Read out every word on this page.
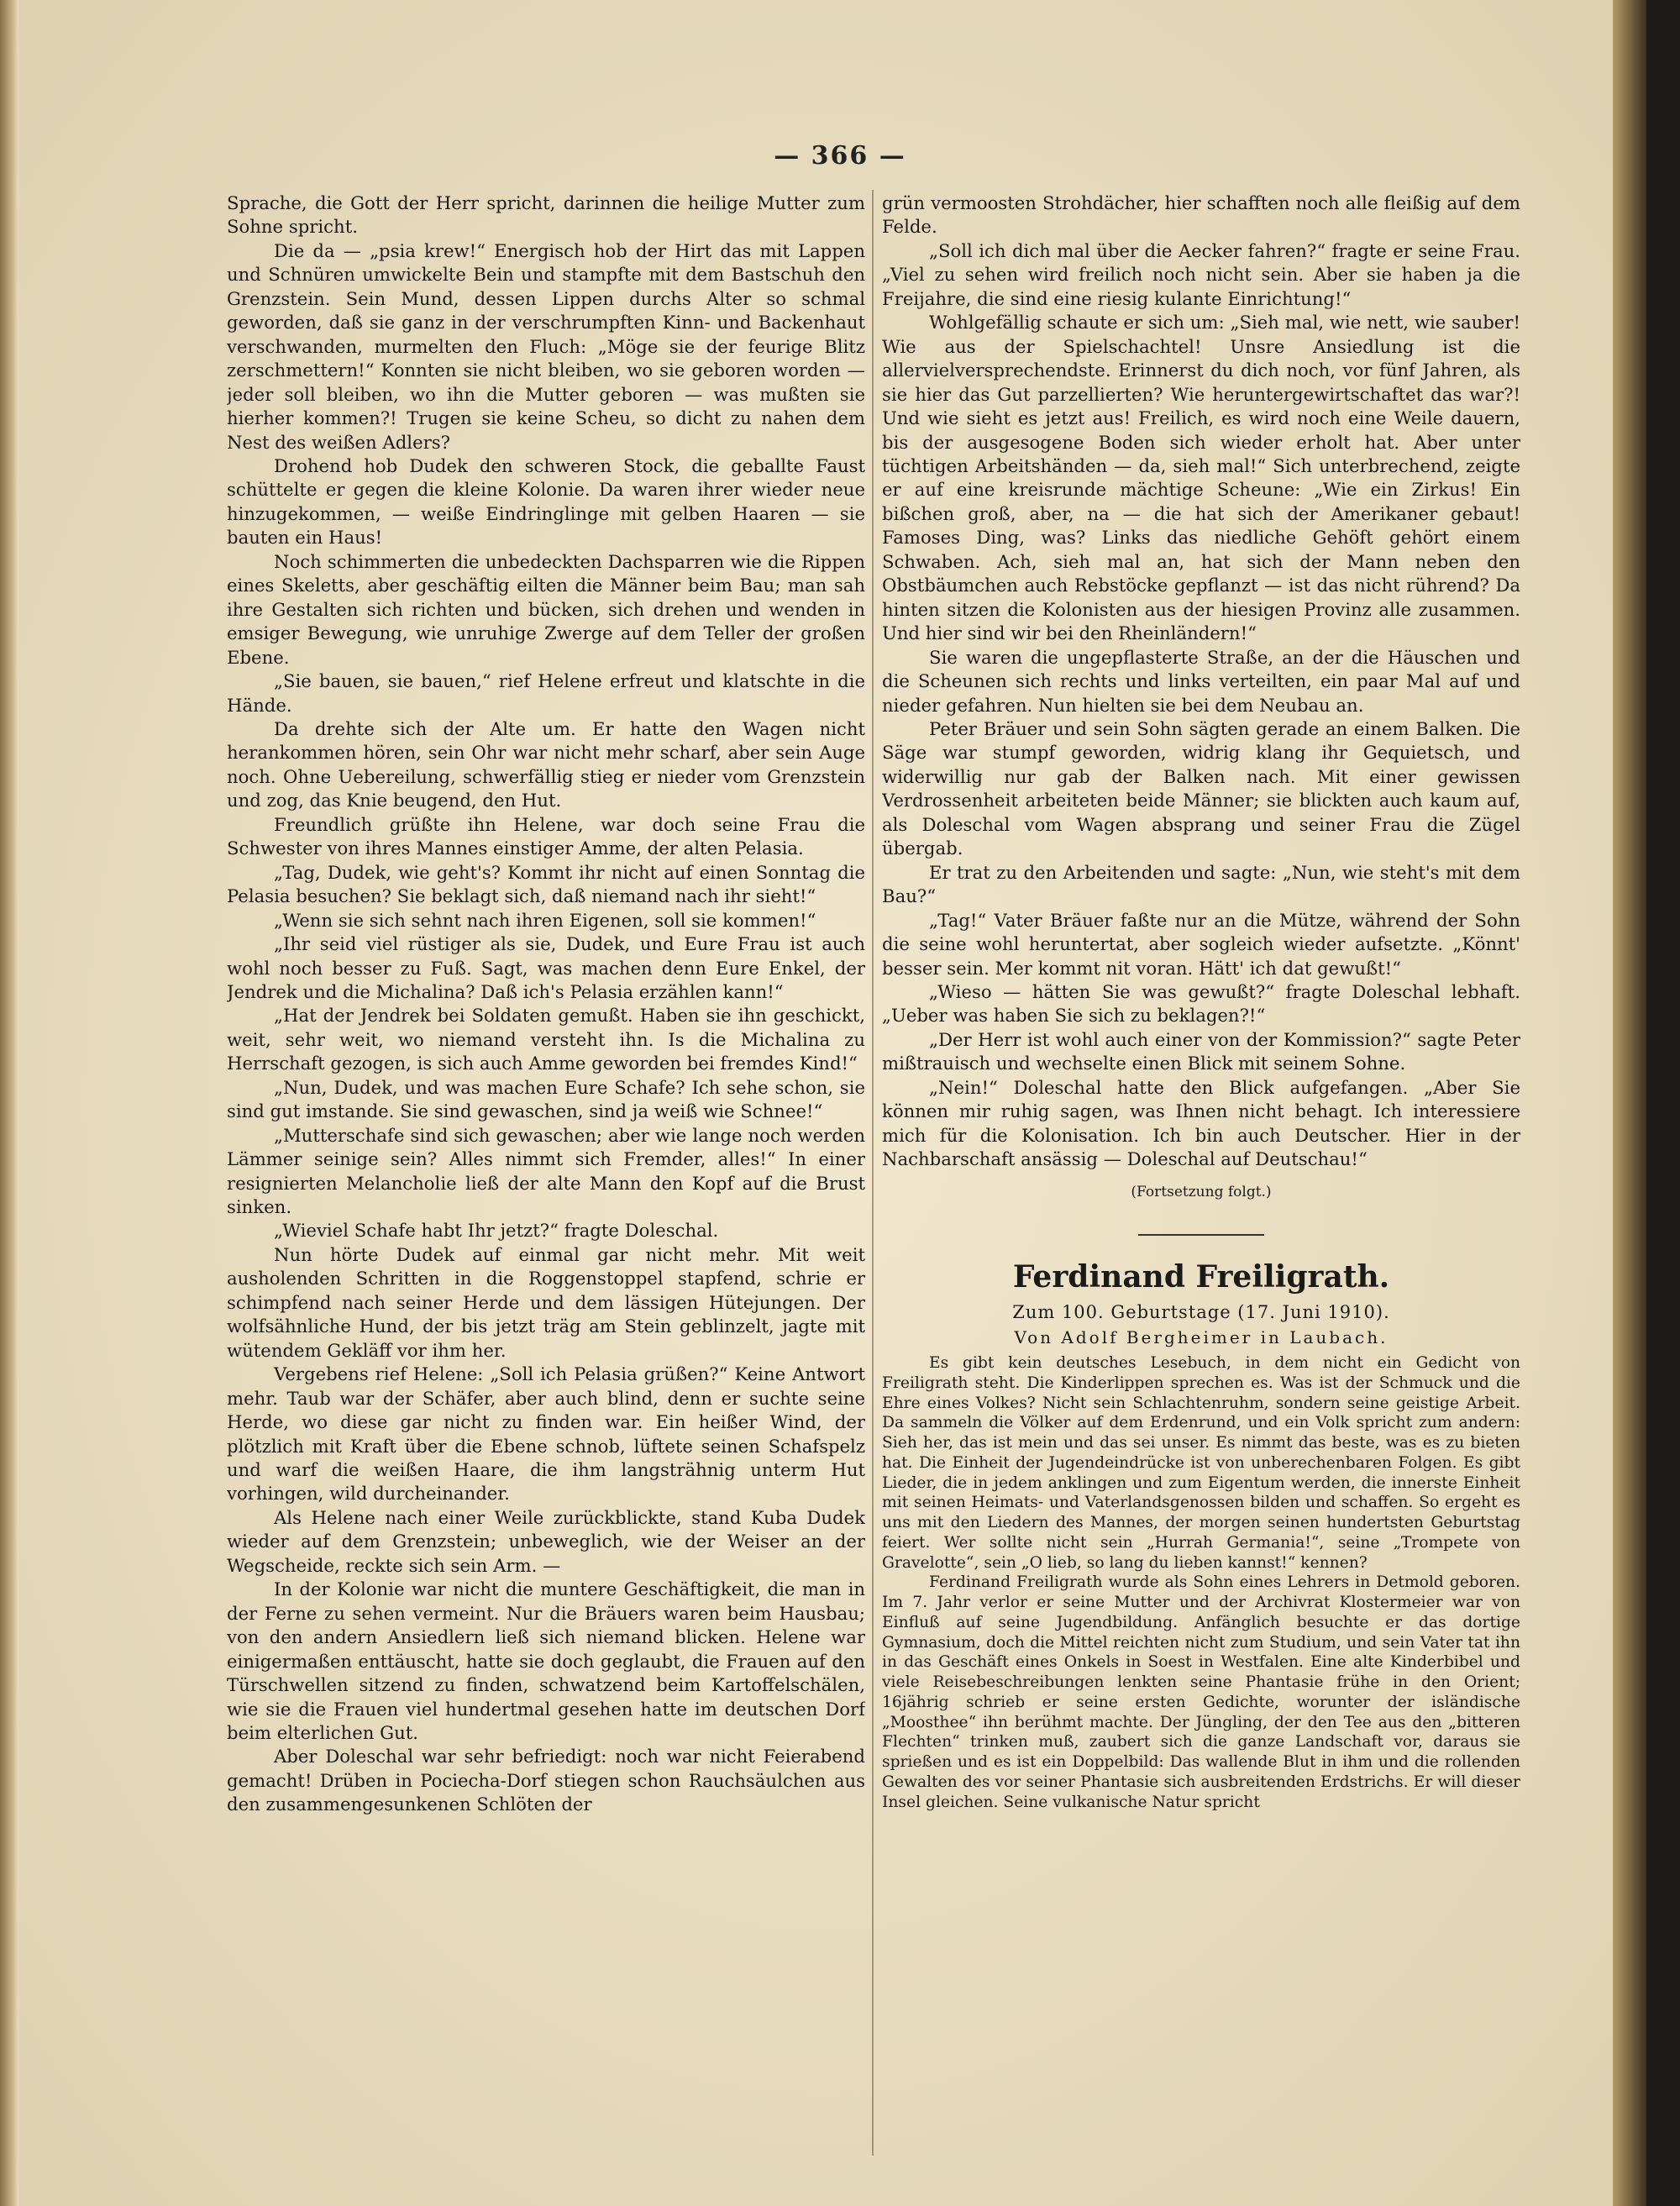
— 366 —

Sprache, die Gott der Herr spricht, darinnen die heilige Mutter zum Sohne spricht.

Die da — „psia krew!“ Energisch hob der Hirt das mit Lappen und Schnüren umwickelte Bein und stampfte mit dem Bastschuh den Grenzstein. Sein Mund, dessen Lippen durchs Alter so schmal geworden, daß sie ganz in der verschrumpften Kinn- und Backenhaut verschwanden, murmelten den Fluch: „Möge sie der feurige Blitz zerschmettern!“ Konnten sie nicht bleiben, wo sie geboren worden — jeder soll bleiben, wo ihn die Mutter geboren — was mußten sie hierher kommen?! Trugen sie keine Scheu, so dicht zu nahen dem Nest des weißen Adlers?

Drohend hob Dudek den schweren Stock, die geballte Faust schüttelte er gegen die kleine Kolonie. Da waren ihrer wieder neue hinzugekommen, — weiße Eindringlinge mit gelben Haaren — sie bauten ein Haus!

Noch schimmerten die unbedeckten Dachsparren wie die Rippen eines Skeletts, aber geschäftig eilten die Männer beim Bau; man sah ihre Gestalten sich richten und bücken, sich drehen und wenden in emsiger Bewegung, wie unruhige Zwerge auf dem Teller der großen Ebene.

„Sie bauen, sie bauen,“ rief Helene erfreut und klatschte in die Hände.

Da drehte sich der Alte um. Er hatte den Wagen nicht herankommen hören, sein Ohr war nicht mehr scharf, aber sein Auge noch. Ohne Uebereilung, schwerfällig stieg er nieder vom Grenzstein und zog, das Knie beugend, den Hut.

Freundlich grüßte ihn Helene, war doch seine Frau die Schwester von ihres Mannes einstiger Amme, der alten Pelasia.

„Tag, Dudek, wie geht's? Kommt ihr nicht auf einen Sonntag die Pelasia besuchen? Sie beklagt sich, daß niemand nach ihr sieht!“

„Wenn sie sich sehnt nach ihren Eigenen, soll sie kommen!“

„Ihr seid viel rüstiger als sie, Dudek, und Eure Frau ist auch wohl noch besser zu Fuß. Sagt, was machen denn Eure Enkel, der Jendrek und die Michalina? Daß ich's Pelasia erzählen kann!“

„Hat der Jendrek bei Soldaten gemußt. Haben sie ihn geschickt, weit, sehr weit, wo niemand versteht ihn. Is die Michalina zu Herrschaft gezogen, is sich auch Amme geworden bei fremdes Kind!“

„Nun, Dudek, und was machen Eure Schafe? Ich sehe schon, sie sind gut imstande. Sie sind gewaschen, sind ja weiß wie Schnee!“

„Mutterschafe sind sich gewaschen; aber wie lange noch werden Lämmer seinige sein? Alles nimmt sich Fremder, alles!“ In einer resignierten Melancholie ließ der alte Mann den Kopf auf die Brust sinken.

„Wieviel Schafe habt Ihr jetzt?“ fragte Doleschal.

Nun hörte Dudek auf einmal gar nicht mehr. Mit weit ausholenden Schritten in die Roggenstoppel stapfend, schrie er schimpfend nach seiner Herde und dem lässigen Hütejungen. Der wolfsähnliche Hund, der bis jetzt träg am Stein geblinzelt, jagte mit wütendem Gekläff vor ihm her.

Vergebens rief Helene: „Soll ich Pelasia grüßen?“ Keine Antwort mehr. Taub war der Schäfer, aber auch blind, denn er suchte seine Herde, wo diese gar nicht zu finden war. Ein heißer Wind, der plötzlich mit Kraft über die Ebene schnob, lüftete seinen Schafspelz und warf die weißen Haare, die ihm langsträhnig unterm Hut vorhingen, wild durcheinander.

Als Helene nach einer Weile zurückblickte, stand Kuba Dudek wieder auf dem Grenzstein; unbeweglich, wie der Weiser an der Wegscheide, reckte sich sein Arm. —

In der Kolonie war nicht die muntere Geschäftigkeit, die man in der Ferne zu sehen vermeint. Nur die Bräuers waren beim Hausbau; von den andern Ansiedlern ließ sich niemand blicken. Helene war einigermaßen enttäuscht, hatte sie doch geglaubt, die Frauen auf den Türschwellen sitzend zu finden, schwatzend beim Kartoffelschälen, wie sie die Frauen viel hundertmal gesehen hatte im deutschen Dorf beim elterlichen Gut.

Aber Doleschal war sehr befriedigt: noch war nicht Feierabend gemacht! Drüben in Pociecha-Dorf stiegen schon Rauchsäulchen aus den zusammengesunkenen Schlöten der

grün vermoosten Strohdächer, hier schafften noch alle fleißig auf dem Felde.

„Soll ich dich mal über die Aecker fahren?“ fragte er seine Frau. „Viel zu sehen wird freilich noch nicht sein. Aber sie haben ja die Freijahre, die sind eine riesig kulante Einrichtung!“

Wohlgefällig schaute er sich um: „Sieh mal, wie nett, wie sauber! Wie aus der Spielschachtel! Unsre Ansiedlung ist die allervielversprechendste. Erinnerst du dich noch, vor fünf Jahren, als sie hier das Gut parzellierten? Wie heruntergewirtschaftet das war?! Und wie sieht es jetzt aus! Freilich, es wird noch eine Weile dauern, bis der ausgesogene Boden sich wieder erholt hat. Aber unter tüchtigen Arbeitshänden — da, sieh mal!“ Sich unterbrechend, zeigte er auf eine kreisrunde mächtige Scheune: „Wie ein Zirkus! Ein bißchen groß, aber, na — die hat sich der Amerikaner gebaut! Famoses Ding, was? Links das niedliche Gehöft gehört einem Schwaben. Ach, sieh mal an, hat sich der Mann neben den Obstbäumchen auch Rebstöcke gepflanzt — ist das nicht rührend? Da hinten sitzen die Kolonisten aus der hiesigen Provinz alle zusammen. Und hier sind wir bei den Rheinländern!“

Sie waren die ungepflasterte Straße, an der die Häuschen und die Scheunen sich rechts und links verteilten, ein paar Mal auf und nieder gefahren. Nun hielten sie bei dem Neubau an.

Peter Bräuer und sein Sohn sägten gerade an einem Balken. Die Säge war stumpf geworden, widrig klang ihr Gequietsch, und widerwillig nur gab der Balken nach. Mit einer gewissen Verdrossenheit arbeiteten beide Männer; sie blickten auch kaum auf, als Doleschal vom Wagen absprang und seiner Frau die Zügel übergab.

Er trat zu den Arbeitenden und sagte: „Nun, wie steht's mit dem Bau?“

„Tag!“ Vater Bräuer faßte nur an die Mütze, während der Sohn die seine wohl heruntertat, aber sogleich wieder aufsetzte. „Könnt' besser sein. Mer kommt nit voran. Hätt' ich dat gewußt!“

„Wieso — hätten Sie was gewußt?“ fragte Doleschal lebhaft. „Ueber was haben Sie sich zu beklagen?!“

„Der Herr ist wohl auch einer von der Kommission?“ sagte Peter mißtrauisch und wechselte einen Blick mit seinem Sohne.

„Nein!“ Doleschal hatte den Blick aufgefangen. „Aber Sie können mir ruhig sagen, was Ihnen nicht behagt. Ich interessiere mich für die Kolonisation. Ich bin auch Deutscher. Hier in der Nachbarschaft ansässig — Doleschal auf Deutschau!“

(Fortsetzung folgt.)
Ferdinand Freiligrath.
Zum 100. Geburtstage (17. Juni 1910).
Von Adolf Bergheimer in Laubach.

Es gibt kein deutsches Lesebuch, in dem nicht ein Gedicht von Freiligrath steht. Die Kinderlippen sprechen es. Was ist der Schmuck und die Ehre eines Volkes? Nicht sein Schlachtenruhm, sondern seine geistige Arbeit. Da sammeln die Völker auf dem Erdenrund, und ein Volk spricht zum andern: Sieh her, das ist mein und das sei unser. Es nimmt das beste, was es zu bieten hat. Die Einheit der Jugendeindrücke ist von unberechenbaren Folgen. Es gibt Lieder, die in jedem anklingen und zum Eigentum werden, die innerste Einheit mit seinen Heimats- und Vaterlandsgenossen bilden und schaffen. So ergeht es uns mit den Liedern des Mannes, der morgen seinen hundertsten Geburtstag feiert. Wer sollte nicht sein „Hurrah Germania!“, seine „Trompete von Gravelotte“, sein „O lieb, so lang du lieben kannst!“ kennen?

Ferdinand Freiligrath wurde als Sohn eines Lehrers in Detmold geboren. Im 7. Jahr verlor er seine Mutter und der Archivrat Klostermeier war von Einfluß auf seine Jugendbildung. Anfänglich besuchte er das dortige Gymnasium, doch die Mittel reichten nicht zum Studium, und sein Vater tat ihn in das Geschäft eines Onkels in Soest in Westfalen. Eine alte Kinderbibel und viele Reisebeschreibungen lenkten seine Phantasie frühe in den Orient; 16jährig schrieb er seine ersten Gedichte, worunter der isländische „Moosthee“ ihn berühmt machte. Der Jüngling, der den Tee aus den „bitteren Flechten“ trinken muß, zaubert sich die ganze Landschaft vor, daraus sie sprießen und es ist ein Doppelbild: Das wallende Blut in ihm und die rollenden Gewalten des vor seiner Phantasie sich ausbreitenden Erdstrichs. Er will dieser Insel gleichen. Seine vulkanische Natur spricht
